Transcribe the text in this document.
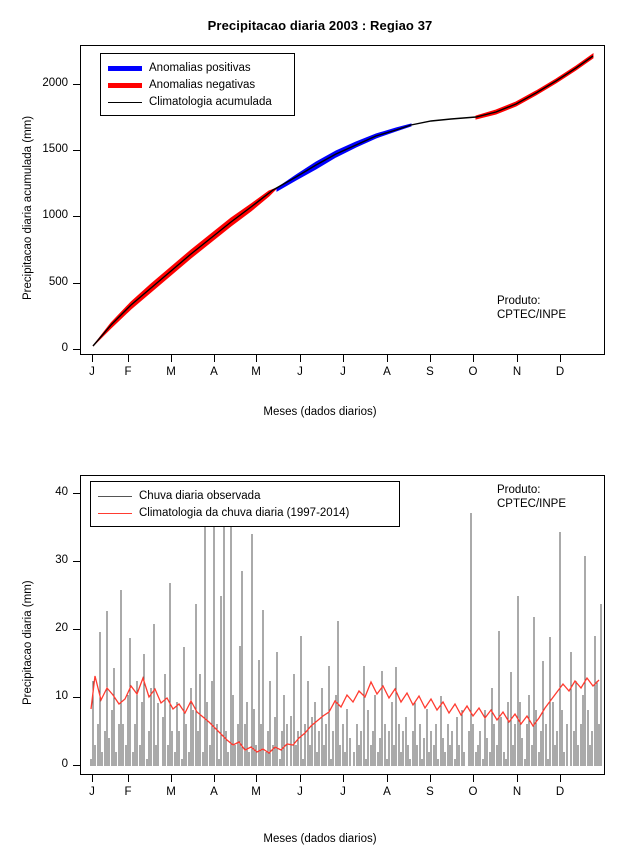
Precipitacao diaria 2003 : Regiao 37
Precipitacao diaria acumulada (mm)
0
500
1000
1500
2000
J	F	M	A	M	J	J	A	S	O	N	D
Meses (dados diarios)
Anomalias positivas
Anomalias negativas
Climatologia acumulada
Produto:
CPTEC/INPE
Precipitacao diaria (mm)
0
10
20
30
40
J	F	M	A	M	J	J	A	S	O	N	D
Meses (dados diarios)
Chuva diaria observada
Climatologia da chuva diaria (1997-2014)
Produto:
CPTEC/INPE
